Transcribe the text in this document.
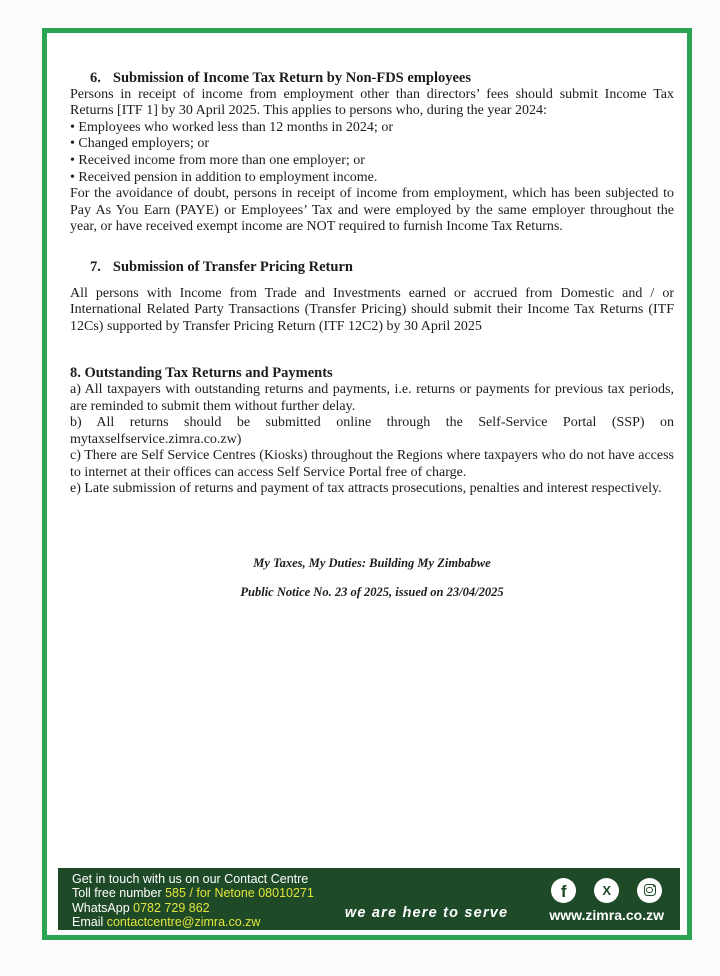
6. Submission of Income Tax Return by Non-FDS employees

Persons in receipt of income from employment other than directors’ fees should submit Income Tax Returns [ITF 1] by 30 April 2025. This applies to persons who, during the year 2024:

• Employees who worked less than 12 months in 2024; or
• Changed employers; or
• Received income from more than one employer; or
• Received pension in addition to employment income.

For the avoidance of doubt, persons in receipt of income from employment, which has been subjected to Pay As You Earn (PAYE) or Employees’ Tax and were employed by the same employer throughout the year, or have received exempt income are NOT required to furnish Income Tax Returns.

7. Submission of Transfer Pricing Return

All persons with Income from Trade and Investments earned or accrued from Domestic and / or International Related Party Transactions (Transfer Pricing) should submit their Income Tax Returns (ITF 12Cs) supported by Transfer Pricing Return (ITF 12C2) by 30 April 2025

8. Outstanding Tax Returns and Payments

a) All taxpayers with outstanding returns and payments, i.e. returns or payments for previous tax periods, are reminded to submit them without further delay.

b) All returns should be submitted online through the Self-Service Portal (SSP) on mytaxselfservice.zimra.co.zw)

c) There are Self Service Centres (Kiosks) throughout the Regions where taxpayers who do not have access to internet at their offices can access Self Service Portal free of charge.

e) Late submission of returns and payment of tax attracts prosecutions, penalties and interest respectively.

My Taxes, My Duties: Building My Zimbabwe
Public Notice No. 23 of 2025, issued on 23/04/2025
Get in touch with us on our Contact Centre
Toll free number 585 / for Netone 08010271
WhatsApp 0782 729 862
Email contactcentre@zimra.co.zw
we are here to serve
f	X
www.zimra.co.zw
